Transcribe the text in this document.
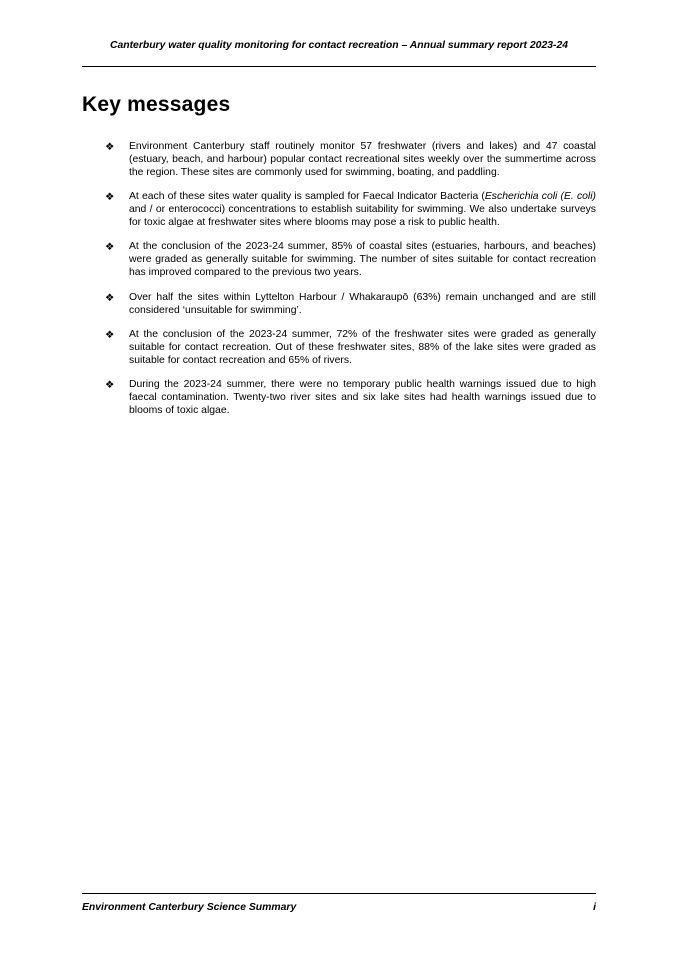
Canterbury water quality monitoring for contact recreation – Annual summary report 2023-24
Key messages
❖ Environment Canterbury staff routinely monitor 57 freshwater (rivers and lakes) and 47 coastal (estuary, beach, and harbour) popular contact recreational sites weekly over the summertime across the region. These sites are commonly used for swimming, boating, and paddling.
❖ At each of these sites water quality is sampled for Faecal Indicator Bacteria (Escherichia coli (E. coli) and / or enterococci) concentrations to establish suitability for swimming. We also undertake surveys for toxic algae at freshwater sites where blooms may pose a risk to public health.
❖ At the conclusion of the 2023-24 summer, 85% of coastal sites (estuaries, harbours, and beaches) were graded as generally suitable for swimming. The number of sites suitable for contact recreation has improved compared to the previous two years.
❖ Over half the sites within Lyttelton Harbour / Whakaraupō (63%) remain unchanged and are still considered ‘unsuitable for swimming’.
❖ At the conclusion of the 2023-24 summer, 72% of the freshwater sites were graded as generally suitable for contact recreation. Out of these freshwater sites, 88% of the lake sites were graded as suitable for contact recreation and 65% of rivers.
❖ During the 2023-24 summer, there were no temporary public health warnings issued due to high faecal contamination. Twenty-two river sites and six lake sites had health warnings issued due to blooms of toxic algae.
Environment Canterbury Science Summary	i
